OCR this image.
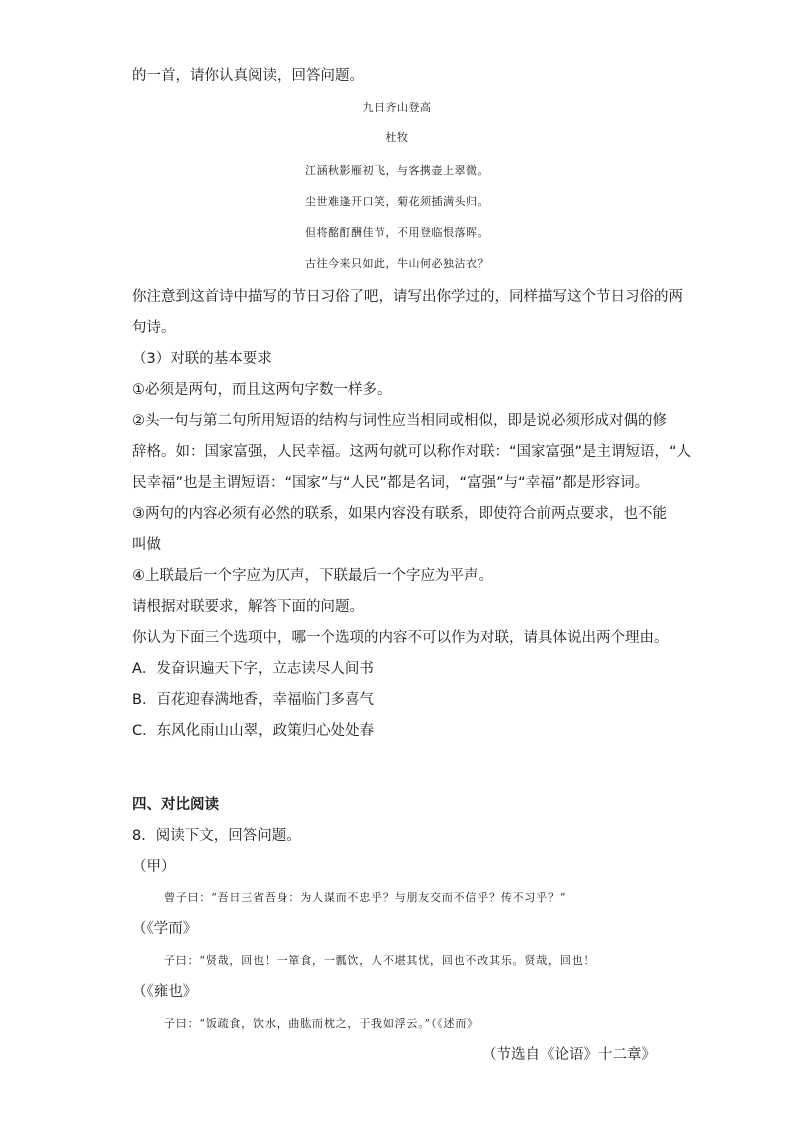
的一首，请你认真阅读，回答问题。
九日齐山登高
杜牧
江涵秋影雁初飞，与客携壶上翠微。
尘世难逢开口笑，菊花须插满头归。
但将酩酊酬佳节，不用登临恨落晖。
古往今来只如此，牛山何必独沾衣？
你注意到这首诗中描写的节日习俗了吧，请写出你学过的，同样描写这个节日习俗的两
句诗。
（3）对联的基本要求
①必须是两句，而且这两句字数一样多。
②头一句与第二句所用短语的结构与词性应当相同或相似，即是说必须形成对偶的修
辞格。如：国家富强，人民幸福。这两句就可以称作对联：“国家富强”是主谓短语，“人
民幸福”也是主谓短语：“国家”与“人民”都是名词，“富强”与“幸福”都是形容词。
③两句的内容必须有必然的联系，如果内容没有联系，即使符合前两点要求，也不能
叫做
④上联最后一个字应为仄声，下联最后一个字应为平声。
请根据对联要求，解答下面的问题。
你认为下面三个选项中，哪一个选项的内容不可以作为对联，请具体说出两个理由。
A．发奋识遍天下字，立志读尽人间书
B．百花迎春满地香，幸福临门多喜气
C．东风化雨山山翠，政策归心处处春
四、对比阅读
8．阅读下文，回答问题。
（甲）
曾子曰：“吾日三省吾身：为人谋而不忠乎？与朋友交而不信乎？传不习乎？”
（《学而》
子曰：“贤哉，回也！一箪食，一瓢饮，人不堪其忧，回也不改其乐。贤哉，回也！
（《雍也》
子曰：“饭疏食，饮水，曲肱而枕之，于我如浮云。”（《述而》
（节选自《论语》十二章》
